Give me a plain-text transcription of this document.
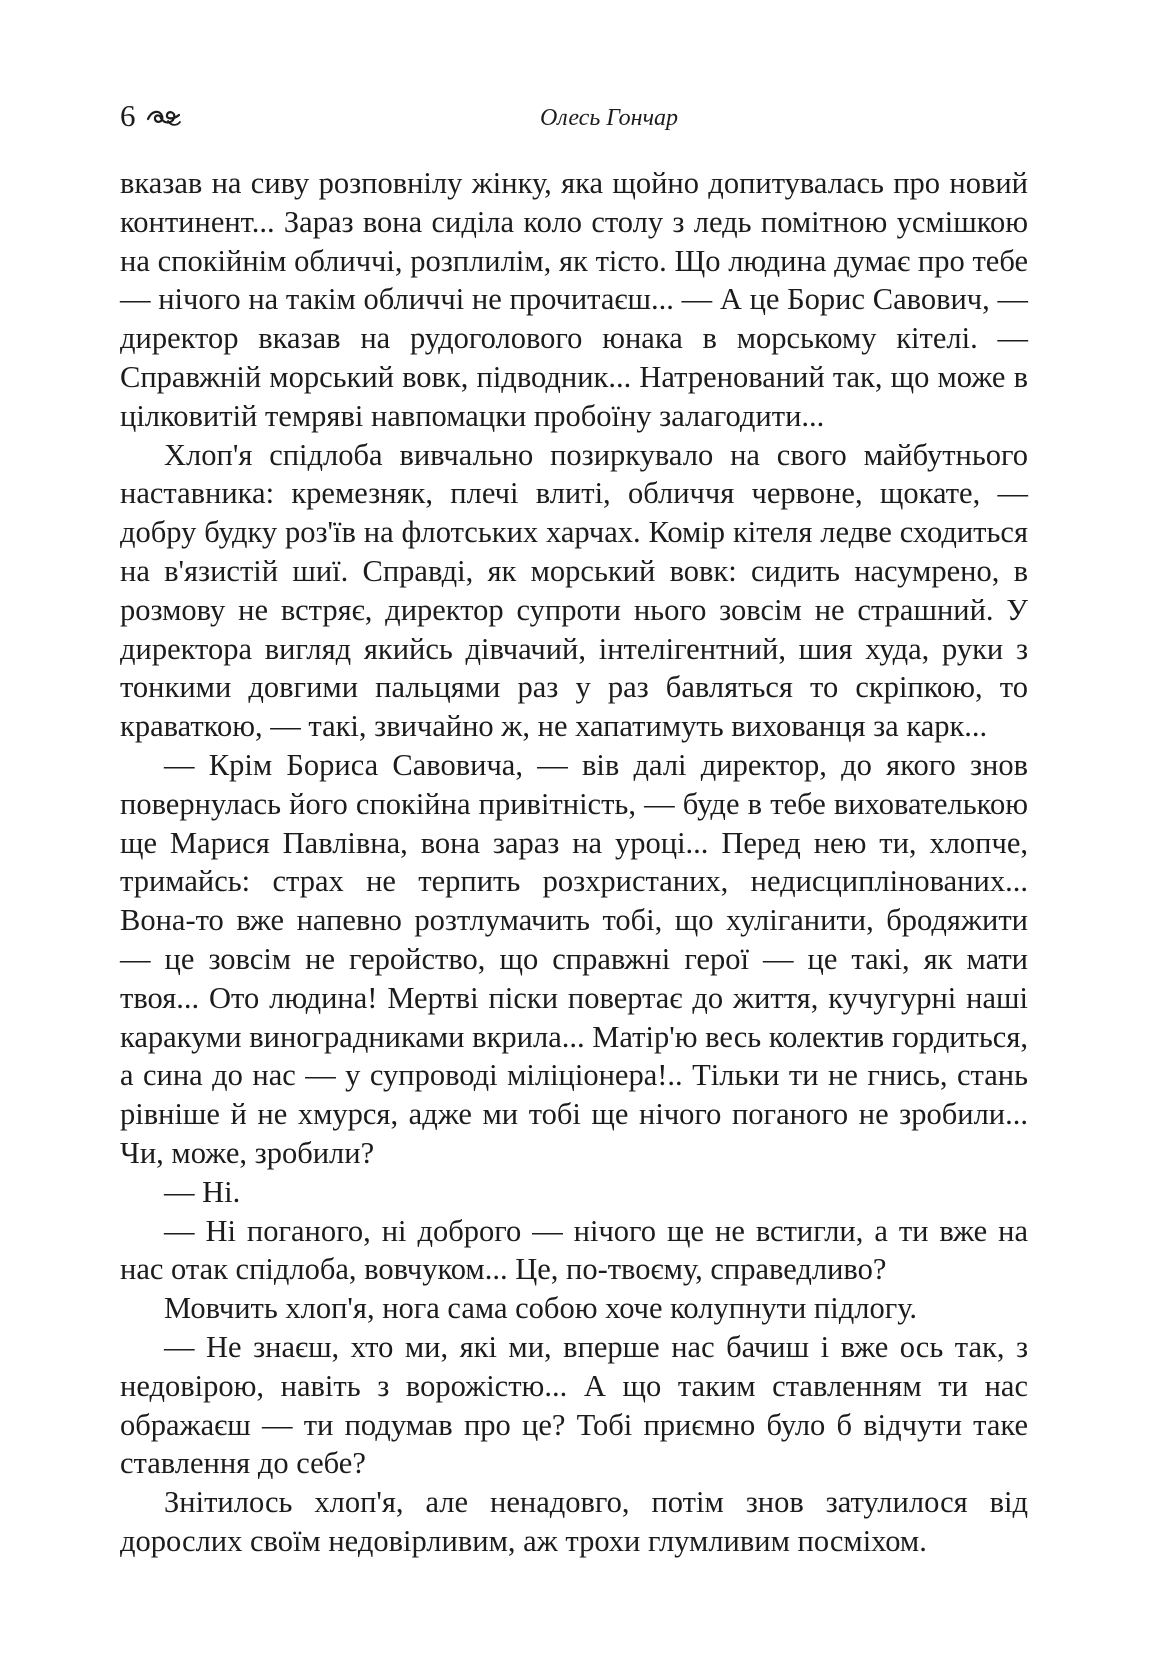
6	Олесь Гончар

вказав на сиву розповнілу жінку, яка щойно допитувалась про новий континент... Зараз вона сиділа коло столу з ледь помітною усмішкою на спокійнім обличчі, розплилім, як тісто. Що людина думає про тебе — нічого на такім обличчі не прочитаєш... — А це Борис Савович, — директор вказав на рудоголового юнака в морському кітелі. — Справжній морський вовк, підводник... Натренований так, що може в цілковитій темряві навпомацки пробоїну залагодити...

Хлоп'я спідлоба вивчально позиркувало на свого майбутнього наставника: кремезняк, плечі влиті, обличчя червоне, щокате, — добру будку роз'їв на флотських харчах. Комір кітеля ледве сходиться на в'язистій шиї. Справді, як морський вовк: сидить насумрено, в розмову не встряє, директор супроти нього зовсім не страшний. У директора вигляд якийсь дівчачий, інтелігентний, шия худа, руки з тонкими довгими пальцями раз у раз бавляться то скріпкою, то краваткою, — такі, звичайно ж, не хапатимуть вихованця за карк...

— Крім Бориса Савовича, — вів далі директор, до якого знов повернулась його спокійна привітність, — буде в тебе вихователькою ще Марися Павлівна, вона зараз на уроці... Перед нею ти, хлопче, тримайсь: страх не терпить розхристаних, недисциплінованих... Вона-то вже напевно розтлумачить тобі, що хуліганити, бродяжити — це зовсім не геройство, що справжні герої — це такі, як мати твоя... Ото людина! Мертві піски повертає до життя, кучугурні наші каракуми виноградниками вкрила... Матір'ю весь колектив гордиться, а сина до нас — у супроводі міліціонера!.. Тільки ти не гнись, стань рівніше й не хмурся, адже ми тобі ще нічого поганого не зробили... Чи, може, зробили?

— Ні.

— Ні поганого, ні доброго — нічого ще не встигли, а ти вже на нас отак спідлоба, вовчуком... Це, по-твоєму, справедливо?

Мовчить хлоп'я, нога сама собою хоче колупнути підлогу.

— Не знаєш, хто ми, які ми, вперше нас бачиш і вже ось так, з недовірою, навіть з ворожістю... А що таким ставленням ти нас ображаєш — ти подумав про це? Тобі приємно було б відчути таке ставлення до себе?

Знітилось хлоп'я, але ненадовго, потім знов затулилося від дорослих своїм недовірливим, аж трохи глумливим посміхом.
